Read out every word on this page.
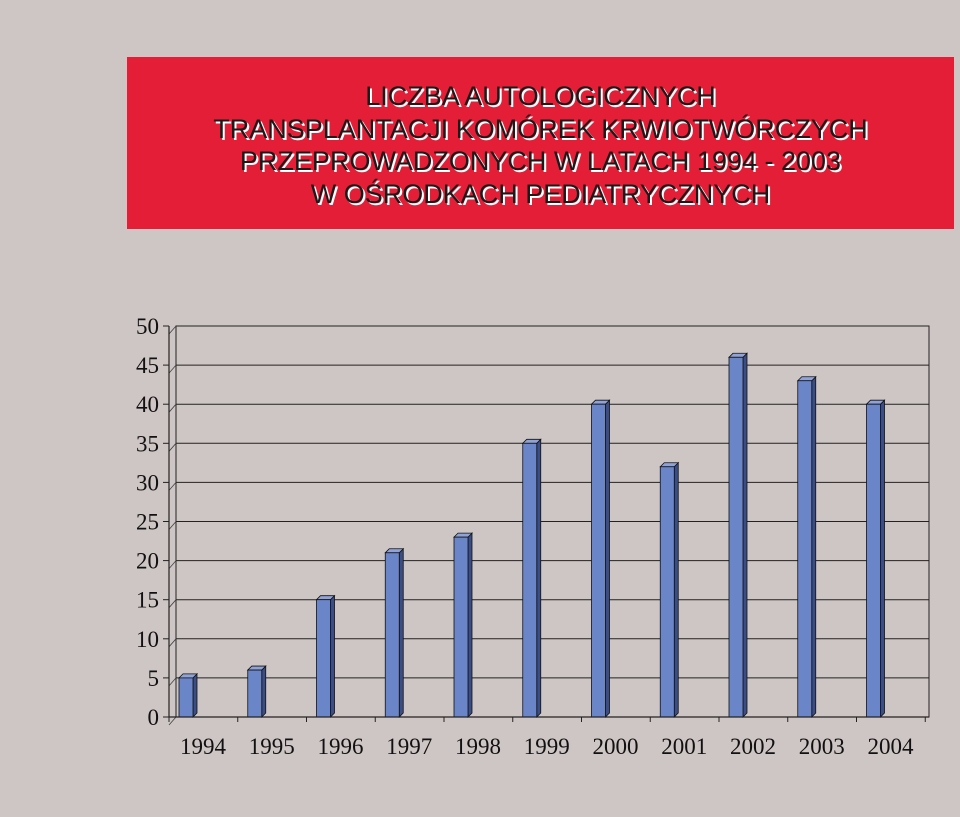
LICZBA AUTOLOGICZNYCH
TRANSPLANTACJI KOMÓREK KRWIOTWÓRCZYCH
PRZEPROWADZONYCH W LATACH 1994 - 2003
W OŚRODKACH PEDIATRYCZNYCH
0
5
10
15
20
25
30
35
40
45
50
1994 1995 1996 1997 1998 1999 2000 2001 2002 2003 2004
